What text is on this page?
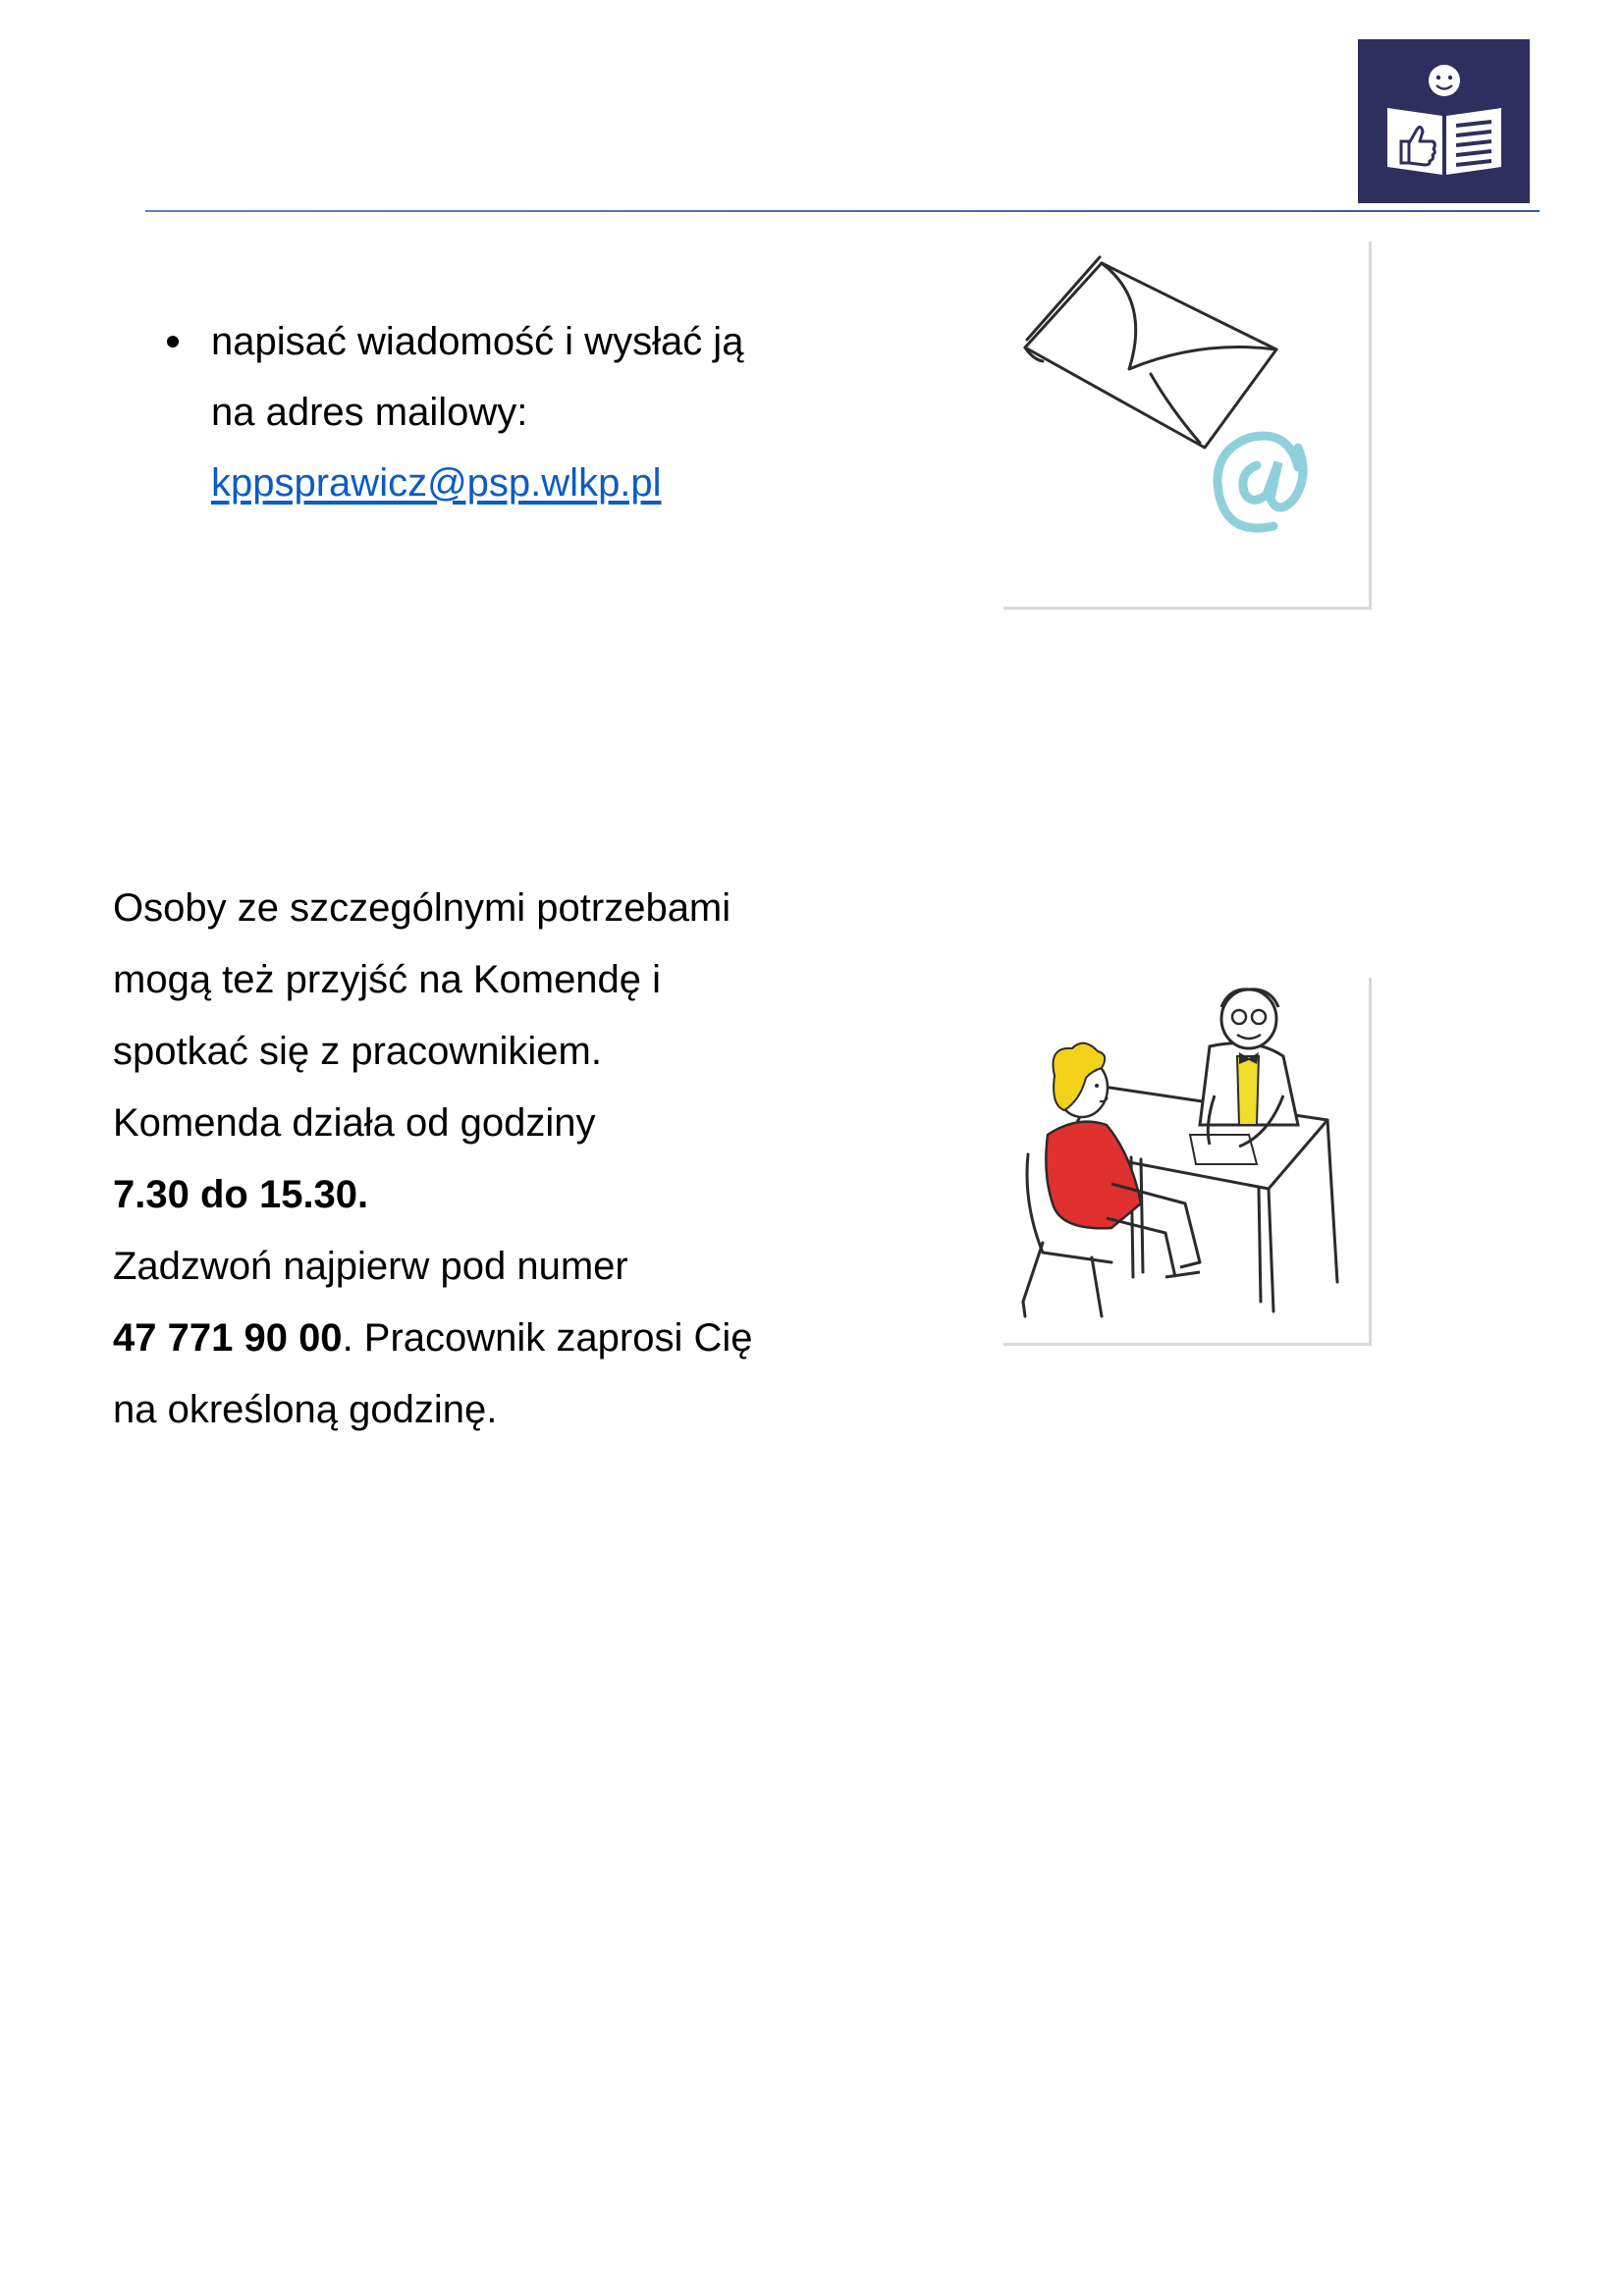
napisać wiadomość i wysłać ją
na adres mailowy:
kppsprawicz@psp.wlkp.pl
Osoby ze szczególnymi potrzebami
mogą też przyjść na Komendę i
spotkać się z pracownikiem.
Komenda działa od godziny
7.30 do 15.30.
Zadzwoń najpierw pod numer
47 771 90 00. Pracownik zaprosi Cię
na określoną godzinę.
